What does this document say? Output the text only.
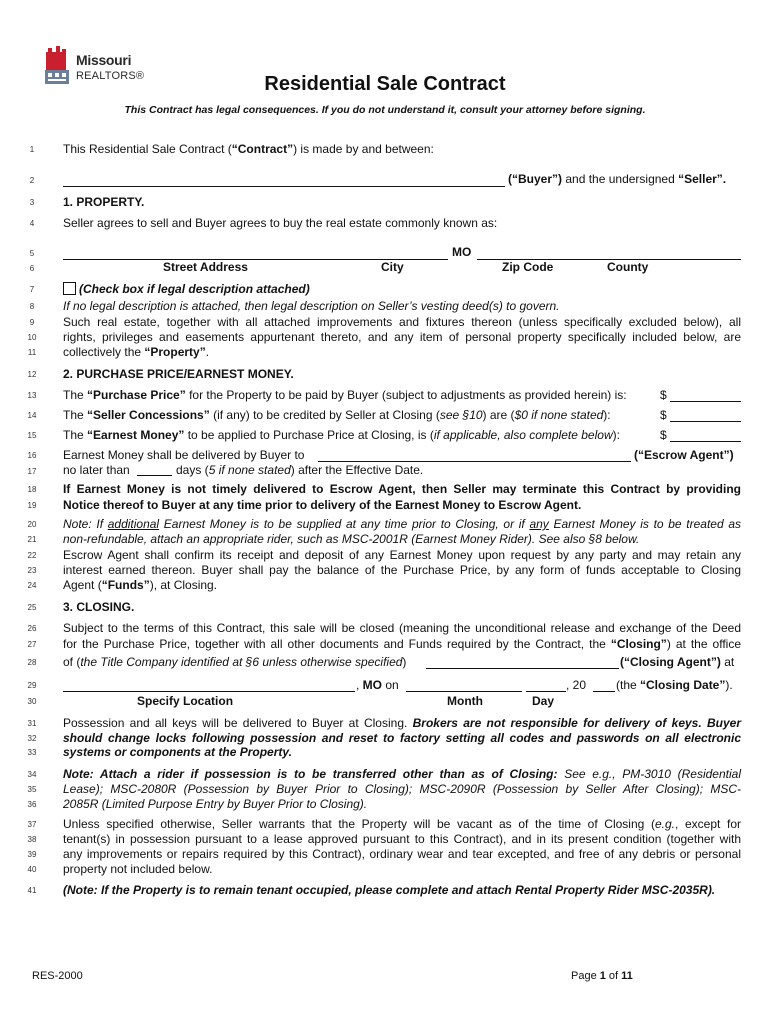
Missouri
REALTORS®	Residential Sale Contract
This Contract has legal consequences. If you do not understand it, consult your attorney before signing.
1
2
3
4
5
6
7
8
9
10
11
12
13
14
15
16
17
18
19
20
21
22
23
24
25
26
27
28
29
30
31
32
33
34
35
36
37
38
39
40
41
This Residential Sale Contract (“Contract”) is made by and between:
(“Buyer”) and the undersigned “Seller”.
1. PROPERTY.
Seller agrees to sell and Buyer agrees to buy the real estate commonly known as:
MO
Street Address	City	Zip Code	County
(Check box if legal description attached)
If no legal description is attached, then legal description on Seller’s vesting deed(s) to govern.
Such real estate, together with all attached improvements and fixtures thereon (unless specifically excluded below), all
rights, privileges and easements appurtenant thereto, and any item of personal property specifically included below, are
collectively the “Property”.
2. PURCHASE PRICE/EARNEST MONEY.
The “Purchase Price” for the Property to be paid by Buyer (subject to adjustments as provided herein) is:	$
The “Seller Concessions” (if any) to be credited by Seller at Closing (see §10) are ($0 if none stated):	$
The “Earnest Money” to be applied to Purchase Price at Closing, is (if applicable, also complete below):	$
Earnest Money shall be delivered by Buyer to	(“Escrow Agent”)
no later than	days (5 if none stated) after the Effective Date.
If Earnest Money is not timely delivered to Escrow Agent, then Seller may terminate this Contract by providing
Notice thereof to Buyer at any time prior to delivery of the Earnest Money to Escrow Agent.
Note: If additional Earnest Money is to be supplied at any time prior to Closing, or if any Earnest Money is to be treated as
non-refundable, attach an appropriate rider, such as MSC-2001R (Earnest Money Rider). See also §8 below.
Escrow Agent shall confirm its receipt and deposit of any Earnest Money upon request by any party and may retain any
interest earned thereon. Buyer shall pay the balance of the Purchase Price, by any form of funds acceptable to Closing
Agent (“Funds”), at Closing.
3. CLOSING.
Subject to the terms of this Contract, this sale will be closed (meaning the unconditional release and exchange of the Deed
for the Purchase Price, together with all other documents and Funds required by the Contract, the “Closing”) at the office
of (the Title Company identified at §6 unless otherwise specified)	(“Closing Agent”) at
, MO on	, 20 (the “Closing Date”).
Specify Location	Month	Day
Possession and all keys will be delivered to Buyer at Closing. Brokers are not responsible for delivery of keys. Buyer
should change locks following possession and reset to factory setting all codes and passwords on all electronic
systems or components at the Property.
Note: Attach a rider if possession is to be transferred other than as of Closing: See e.g., PM-3010 (Residential
Lease); MSC-2080R (Possession by Buyer Prior to Closing); MSC-2090R (Possession by Seller After Closing); MSC-
2085R (Limited Purpose Entry by Buyer Prior to Closing).
Unless specified otherwise, Seller warrants that the Property will be vacant as of the time of Closing (e.g., except for
tenant(s) in possession pursuant to a lease approved pursuant to this Contract), and in its present condition (together with
any improvements or repairs required by this Contract), ordinary wear and tear excepted, and free of any debris or personal
property not included below.
(Note: If the Property is to remain tenant occupied, please complete and attach Rental Property Rider MSC-2035R).
RES-2000	Page 1 of 11
